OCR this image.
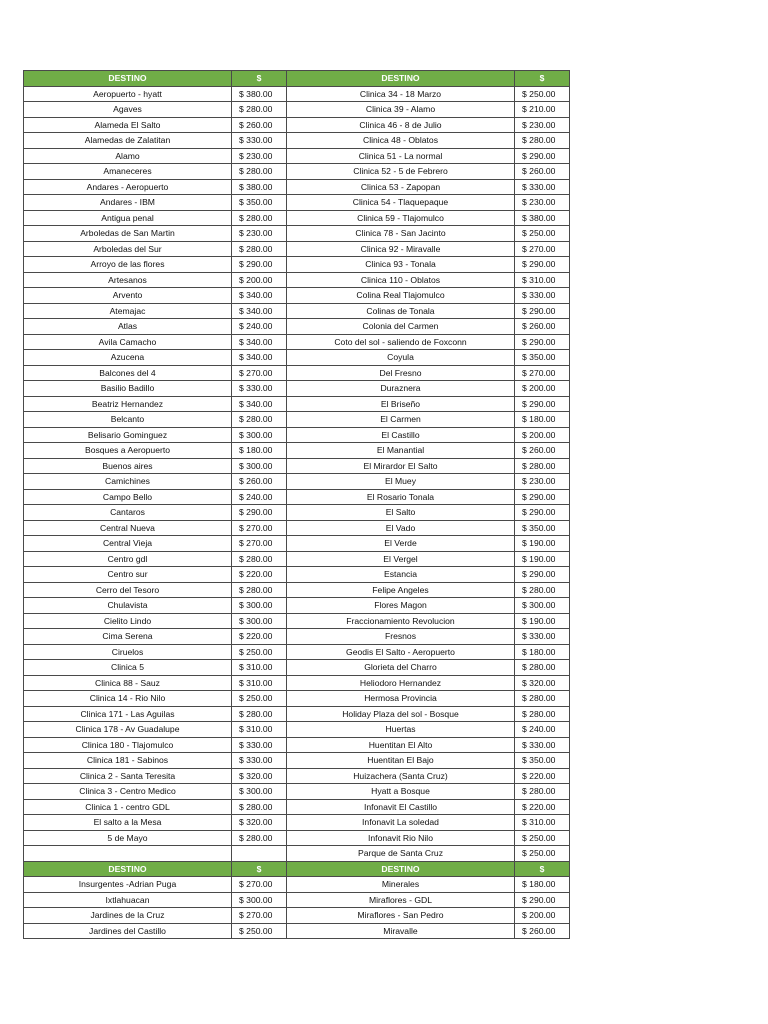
DESTINO	$	DESTINO	$
Aeropuerto - hyatt	$ 380.00	Clinica 34 - 18 Marzo	$ 250.00
Agaves	$ 280.00	Clinica 39 - Alamo	$ 210.00
Alameda El Salto	$ 260.00	Clinica 46 - 8 de Julio	$ 230.00
Alamedas de Zalatitan	$ 330.00	Clinica 48 - Oblatos	$ 280.00
Alamo	$ 230.00	Clinica 51 - La normal	$ 290.00
Amaneceres	$ 280.00	Clinica 52 - 5 de Febrero	$ 260.00
Andares - Aeropuerto	$ 380.00	Clinica 53 - Zapopan	$ 330.00
Andares - IBM	$ 350.00	Clinica 54 - Tlaquepaque	$ 230.00
Antigua penal	$ 280.00	Clinica 59 - Tlajomulco	$ 380.00
Arboledas de San Martin	$ 230.00	Clinica 78 - San Jacinto	$ 250.00
Arboledas del Sur	$ 280.00	Clinica 92 - Miravalle	$ 270.00
Arroyo de las flores	$ 290.00	Clinica 93 - Tonala	$ 290.00
Artesanos	$ 200.00	Clinica 110 - Oblatos	$ 310.00
Arvento	$ 340.00	Colina Real Tlajomulco	$ 330.00
Atemajac	$ 340.00	Colinas de Tonala	$ 290.00
Atlas	$ 240.00	Colonia del Carmen	$ 260.00
Avila Camacho	$ 340.00	Coto del sol - saliendo de Foxconn	$ 290.00
Azucena	$ 340.00	Coyula	$ 350.00
Balcones del 4	$ 270.00	Del Fresno	$ 270.00
Basilio Badillo	$ 330.00	Duraznera	$ 200.00
Beatriz Hernandez	$ 340.00	El Briseño	$ 290.00
Belcanto	$ 280.00	El Carmen	$ 180.00
Belisario Gominguez	$ 300.00	El Castillo	$ 200.00
Bosques a Aeropuerto	$ 180.00	El Manantial	$ 260.00
Buenos aires	$ 300.00	El Mirardor El Salto	$ 280.00
Camichines	$ 260.00	El Muey	$ 230.00
Campo Bello	$ 240.00	El Rosario Tonala	$ 290.00
Cantaros	$ 290.00	El Salto	$ 290.00
Central Nueva	$ 270.00	El Vado	$ 350.00
Central Vieja	$ 270.00	El Verde	$ 190.00
Centro gdl	$ 280.00	El Vergel	$ 190.00
Centro sur	$ 220.00	Estancia	$ 290.00
Cerro del Tesoro	$ 280.00	Felipe Angeles	$ 280.00
Chulavista	$ 300.00	Flores Magon	$ 300.00
Cielito Lindo	$ 300.00	Fraccionamiento Revolucion	$ 190.00
Cima Serena	$ 220.00	Fresnos	$ 330.00
Ciruelos	$ 250.00	Geodis El Salto - Aeropuerto	$ 180.00
Clinica 5	$ 310.00	Glorieta del Charro	$ 280.00
Clinica 88 - Sauz	$ 310.00	Heliodoro Hernandez	$ 320.00
Clinica 14 - Rio Nilo	$ 250.00	Hermosa Provincia	$ 280.00
Clinica 171 - Las Aguilas	$ 280.00	Holiday Plaza del sol - Bosque	$ 280.00
Clinica 178 - Av Guadalupe	$ 310.00	Huertas	$ 240.00
Clinica 180 - Tlajomulco	$ 330.00	Huentitan El Alto	$ 330.00
Clinica 181 - Sabinos	$ 330.00	Huentitan El Bajo	$ 350.00
Clinica 2 - Santa Teresita	$ 320.00	Huizachera (Santa Cruz)	$ 220.00
Clinica 3 - Centro Medico	$ 300.00	Hyatt a Bosque	$ 280.00
Clinica 1 - centro GDL	$ 280.00	Infonavit El Castillo	$ 220.00
El salto a la Mesa	$ 320.00	Infonavit La soledad	$ 310.00
5 de Mayo	$ 280.00	Infonavit Rio Nilo	$ 250.00
		Parque de Santa Cruz	$ 250.00
DESTINO	$	DESTINO	$
Insurgentes -Adrian Puga	$ 270.00	Minerales	$ 180.00
Ixtlahuacan	$ 300.00	Miraflores - GDL	$ 290.00
Jardines de la Cruz	$ 270.00	Miraflores - San Pedro	$ 200.00
Jardines del Castillo	$ 250.00	Miravalle	$ 260.00
